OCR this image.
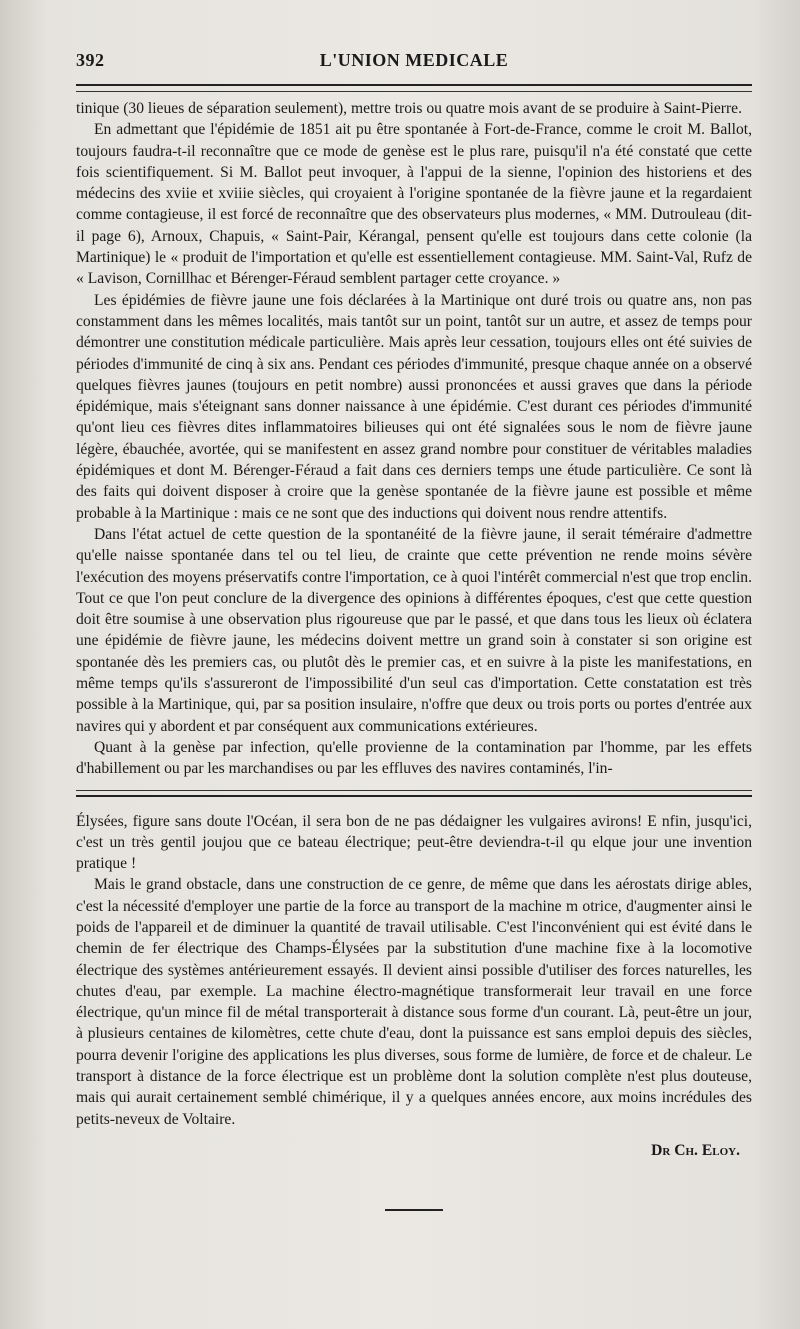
392	L'UNION MEDICALE

tinique (30 lieues de séparation seulement), mettre trois ou quatre mois avant de se produire à Saint-Pierre.

En admettant que l'épidémie de 1851 ait pu être spontanée à Fort-de-France, comme le croit M. Ballot, toujours faudra-t-il reconnaître que ce mode de genèse est le plus rare, puisqu'il n'a été constaté que cette fois scientifiquement. Si M. Ballot peut invoquer, à l'appui de la sienne, l'opinion des historiens et des médecins des xviie et xviiie siècles, qui croyaient à l'origine spontanée de la fièvre jaune et la regardaient comme contagieuse, il est forcé de reconnaître que des observateurs plus modernes, « MM. Dutrouleau (dit-il page 6), Arnoux, Chapuis, « Saint-Pair, Kérangal, pensent qu'elle est toujours dans cette colonie (la Martinique) le « produit de l'importation et qu'elle est essentiellement contagieuse. MM. Saint-Val, Rufz de « Lavison, Cornillhac et Bérenger-Féraud semblent partager cette croyance. »

Les épidémies de fièvre jaune une fois déclarées à la Martinique ont duré trois ou quatre ans, non pas constamment dans les mêmes localités, mais tantôt sur un point, tantôt sur un autre, et assez de temps pour démontrer une constitution médicale particulière. Mais après leur cessation, toujours elles ont été suivies de périodes d'immunité de cinq à six ans. Pendant ces périodes d'immunité, presque chaque année on a observé quelques fièvres jaunes (toujours en petit nombre) aussi prononcées et aussi graves que dans la période épidémique, mais s'éteignant sans donner naissance à une épidémie. C'est durant ces périodes d'immunité qu'ont lieu ces fièvres dites inflammatoires bilieuses qui ont été signalées sous le nom de fièvre jaune légère, ébauchée, avortée, qui se manifestent en assez grand nombre pour constituer de véritables maladies épidémiques et dont M. Bérenger-Féraud a fait dans ces derniers temps une étude particulière. Ce sont là des faits qui doivent disposer à croire que la genèse spontanée de la fièvre jaune est possible et même probable à la Martinique : mais ce ne sont que des inductions qui doivent nous rendre attentifs.

Dans l'état actuel de cette question de la spontanéité de la fièvre jaune, il serait téméraire d'admettre qu'elle naisse spontanée dans tel ou tel lieu, de crainte que cette prévention ne rende moins sévère l'exécution des moyens préservatifs contre l'importation, ce à quoi l'intérêt commercial n'est que trop enclin. Tout ce que l'on peut conclure de la divergence des opinions à différentes époques, c'est que cette question doit être soumise à une observation plus rigoureuse que par le passé, et que dans tous les lieux où éclatera une épidémie de fièvre jaune, les médecins doivent mettre un grand soin à constater si son origine est spontanée dès les premiers cas, ou plutôt dès le premier cas, et en suivre à la piste les manifestations, en même temps qu'ils s'assureront de l'impossibilité d'un seul cas d'importation. Cette constatation est très possible à la Martinique, qui, par sa position insulaire, n'offre que deux ou trois ports ou portes d'entrée aux navires qui y abordent et par conséquent aux communications extérieures.

Quant à la genèse par infection, qu'elle provienne de la contamination par l'homme, par les effets d'habillement ou par les marchandises ou par les effluves des navires contaminés, l'in-

Élysées, figure sans doute l'Océan, il sera bon de ne pas dédaigner les vulgaires avirons! E nfin, jusqu'ici, c'est un très gentil joujou que ce bateau électrique; peut-être deviendra-t-il qu elque jour une invention pratique !

Mais le grand obstacle, dans une construction de ce genre, de même que dans les aérostats dirige ables, c'est la nécessité d'employer une partie de la force au transport de la machine m otrice, d'augmenter ainsi le poids de l'appareil et de diminuer la quantité de travail utilisable. C'est l'inconvénient qui est évité dans le chemin de fer électrique des Champs-Élysées par la substitution d'une machine fixe à la locomotive électrique des systèmes antérieurement essayés. Il devient ainsi possible d'utiliser des forces naturelles, les chutes d'eau, par exemple. La machine électro-magnétique transformerait leur travail en une force électrique, qu'un mince fil de métal transporterait à distance sous forme d'un courant. Là, peut-être un jour, à plusieurs centaines de kilomètres, cette chute d'eau, dont la puissance est sans emploi depuis des siècles, pourra devenir l'origine des applications les plus diverses, sous forme de lumière, de force et de chaleur. Le transport à distance de la force électrique est un problème dont la solution complète n'est plus douteuse, mais qui aurait certainement semblé chimérique, il y a quelques années encore, aux moins incrédules des petits-neveux de Voltaire.

Dr Ch. Eloy.
